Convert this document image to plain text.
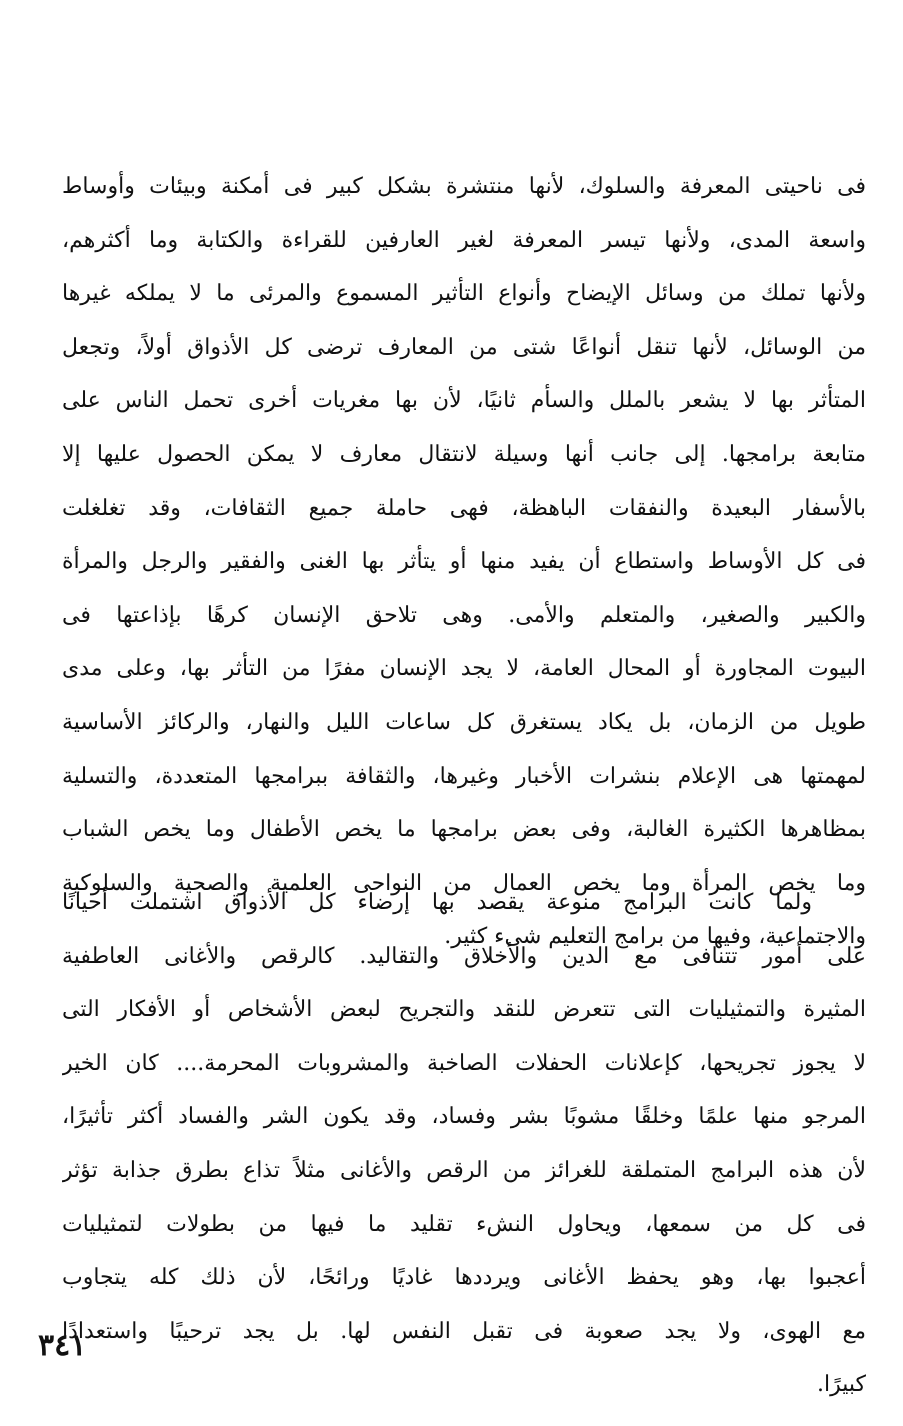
فى ناحيتى المعرفة والسلوك، لأنها منتشرة بشكل كبير فى أمكنة وبيئات وأوساط
واسعة المدى، ولأنها تيسر المعرفة لغير العارفين للقراءة والكتابة وما أكثرهم،
ولأنها تملك من وسائل الإيضاح وأنواع التأثير المسموع والمرئى ما لا يملكه غيرها
من الوسائل، لأنها تنقل أنواعًا شتى من المعارف ترضى كل الأذواق أولاً، وتجعل
المتأثر بها لا يشعر بالملل والسأم ثانيًا، لأن بها مغريات أخرى تحمل الناس على
متابعة برامجها. إلى جانب أنها وسيلة لانتقال معارف لا يمكن الحصول عليها إلا
بالأسفار البعيدة والنفقات الباهظة، فهى حاملة جميع الثقافات، وقد تغلغلت
فى كل الأوساط واستطاع أن يفيد منها أو يتأثر بها الغنى والفقير والرجل والمرأة
والكبير والصغير، والمتعلم والأمى. وهى تلاحق الإنسان كرهًا بإذاعتها فى
البيوت المجاورة أو المحال العامة، لا يجد الإنسان مفرًا من التأثر بها، وعلى مدى
طويل من الزمان، بل يكاد يستغرق كل ساعات الليل والنهار، والركائز الأساسية
لمهمتها هى الإعلام بنشرات الأخبار وغيرها، والثقافة ببرامجها المتعددة، والتسلية
بمظاهرها الكثيرة الغالبة، وفى بعض برامجها ما يخص الأطفال وما يخص الشباب
وما يخص المرأة وما يخص العمال من النواحى العلمية والصحية والسلوكية
والاجتماعية، وفيها من برامج التعليم شىء كثير.
ولما كانت البرامج منوعة يقصد بها إرضاء كل الأذواق اشتملت أحيانًا
على أمور تتنافى مع الدين والأخلاق والتقاليد. كالرقص والأغانى العاطفية
المثيرة والتمثيليات التى تتعرض للنقد والتجريح لبعض الأشخاص أو الأفكار التى
لا يجوز تجريحها، كإعلانات الحفلات الصاخبة والمشروبات المحرمة.... كان الخير
المرجو منها علمًا وخلقًا مشوبًا بشر وفساد، وقد يكون الشر والفساد أكثر تأثيرًا،
لأن هذه البرامج المتملقة للغرائز من الرقص والأغانى مثلاً تذاع بطرق جذابة تؤثر
فى كل من سمعها، ويحاول النشء تقليد ما فيها من بطولات لتمثيليات
أعجبوا بها، وهو يحفظ الأغانى ويرددها غاديًا ورائحًا، لأن ذلك كله يتجاوب
مع الهوى، ولا يجد صعوبة فى تقبل النفس لها. بل يجد ترحيبًا واستعدادًا
كبيرًا.
٣٤١
